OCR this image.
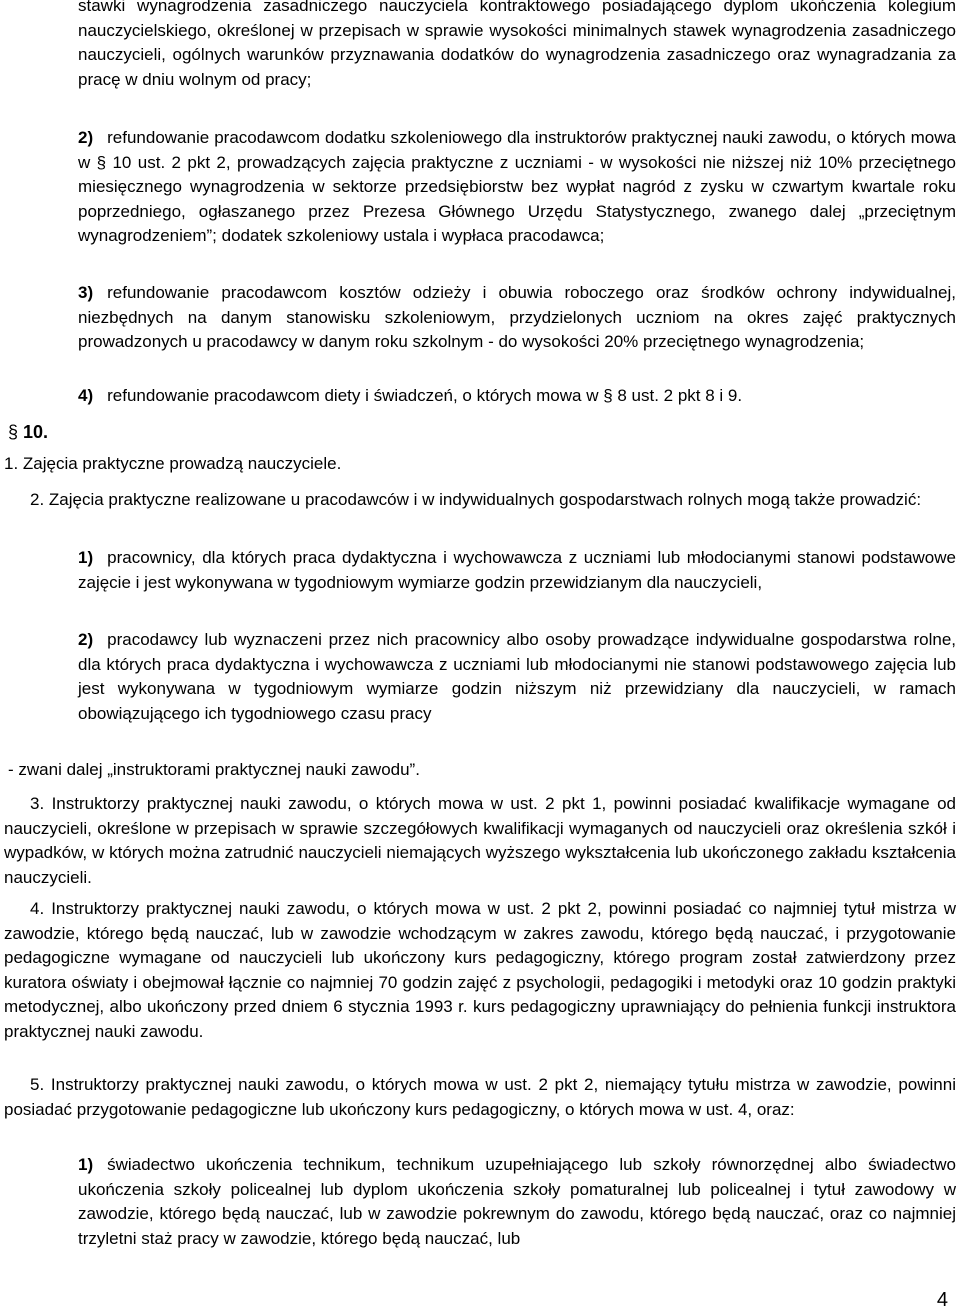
stawki wynagrodzenia zasadniczego nauczyciela kontraktowego posiadającego dyplom ukończenia kolegium nauczycielskiego, określonej w przepisach w sprawie wysokości minimalnych stawek wynagrodzenia zasadniczego nauczycieli, ogólnych warunków przyznawania dodatków do wynagrodzenia zasadniczego oraz wynagradzania za pracę w dniu wolnym od pracy;

2) refundowanie pracodawcom dodatku szkoleniowego dla instruktorów praktycznej nauki zawodu, o których mowa w § 10 ust. 2 pkt 2, prowadzących zajęcia praktyczne z uczniami - w wysokości nie niższej niż 10% przeciętnego miesięcznego wynagrodzenia w sektorze przedsiębiorstw bez wypłat nagród z zysku w czwartym kwartale roku poprzedniego, ogłaszanego przez Prezesa Głównego Urzędu Statystycznego, zwanego dalej „przeciętnym wynagrodzeniem”; dodatek szkoleniowy ustala i wypłaca pracodawca;

3) refundowanie pracodawcom kosztów odzieży i obuwia roboczego oraz środków ochrony indywidualnej, niezbędnych na danym stanowisku szkoleniowym, przydzielonych uczniom na okres zajęć praktycznych prowadzonych u pracodawcy w danym roku szkolnym - do wysokości 20% przeciętnego wynagrodzenia;

4) refundowanie pracodawcom diety i świadczeń, o których mowa w § 8 ust. 2 pkt 8 i 9.

§ 10.

1. Zajęcia praktyczne prowadzą nauczyciele.

2. Zajęcia praktyczne realizowane u pracodawców i w indywidualnych gospodarstwach rolnych mogą także prowadzić:

1) pracownicy, dla których praca dydaktyczna i wychowawcza z uczniami lub młodocianymi stanowi podstawowe zajęcie i jest wykonywana w tygodniowym wymiarze godzin przewidzianym dla nauczycieli,

2) pracodawcy lub wyznaczeni przez nich pracownicy albo osoby prowadzące indywidualne gospodarstwa rolne, dla których praca dydaktyczna i wychowawcza z uczniami lub młodocianymi nie stanowi podstawowego zajęcia lub jest wykonywana w tygodniowym wymiarze godzin niższym niż przewidziany dla nauczycieli, w ramach obowiązującego ich tygodniowego czasu pracy

- zwani dalej „instruktorami praktycznej nauki zawodu”.

3. Instruktorzy praktycznej nauki zawodu, o których mowa w ust. 2 pkt 1, powinni posiadać kwalifikacje wymagane od nauczycieli, określone w przepisach w sprawie szczegółowych kwalifikacji wymaganych od nauczycieli oraz określenia szkół i wypadków, w których można zatrudnić nauczycieli niemających wyższego wykształcenia lub ukończonego zakładu kształcenia nauczycieli.

4. Instruktorzy praktycznej nauki zawodu, o których mowa w ust. 2 pkt 2, powinni posiadać co najmniej tytuł mistrza w zawodzie, którego będą nauczać, lub w zawodzie wchodzącym w zakres zawodu, którego będą nauczać, i przygotowanie pedagogiczne wymagane od nauczycieli lub ukończony kurs pedagogiczny, którego program został zatwierdzony przez kuratora oświaty i obejmował łącznie co najmniej 70 godzin zajęć z psychologii, pedagogiki i metodyki oraz 10 godzin praktyki metodycznej, albo ukończony przed dniem 6 stycznia 1993 r. kurs pedagogiczny uprawniający do pełnienia funkcji instruktora praktycznej nauki zawodu.

5. Instruktorzy praktycznej nauki zawodu, o których mowa w ust. 2 pkt 2, niemający tytułu mistrza w zawodzie, powinni posiadać przygotowanie pedagogiczne lub ukończony kurs pedagogiczny, o których mowa w ust. 4, oraz:

1) świadectwo ukończenia technikum, technikum uzupełniającego lub szkoły równorzędnej albo świadectwo ukończenia szkoły policealnej lub dyplom ukończenia szkoły pomaturalnej lub policealnej i tytuł zawodowy w zawodzie, którego będą nauczać, lub w zawodzie pokrewnym do zawodu, którego będą nauczać, oraz co najmniej trzyletni staż pracy w zawodzie, którego będą nauczać, lub

4
